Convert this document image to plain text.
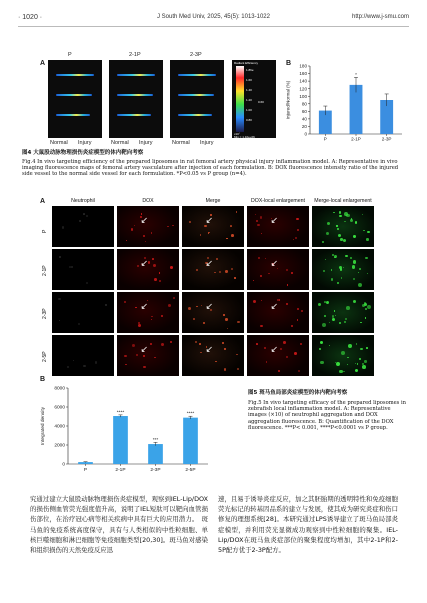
· 1020 ·	J South Med Univ, 2025, 45(5): 1013-1022	http://www.j-smu.com
A
P
Normal Injury
2-1P
Normal Injury
2-3P
Normal Injury
Radiant Efficiency
1.86e
1.60
1.40
1.20
1.00
0.80
0.60
x10⁷
Min = 1.10e+06
B
0
20
40
60
80
100
120
140
160
180
Injured/Normal (%)
P	2-1P
*
2-3P
图4 大鼠股动脉物理损伤炎症模型的体内靶向考察
Fig.4 In vivo targeting efficiency of the prepared liposomes in rat femoral artery physical injury inflammation model. A: Representative in vivo imaging fluorescence maps of femoral artery vasculature after injection of each formulation. B: DOX fluorescence intensity ratio of the injured side vessel to the normal side vessel for each formulation. *P<0.05 vs P group (n=4).
A	Neutrophil	DOX	Merge	DOX-local enlargement	Merge-local enlargement
P
↙	↙	↙
2-1P
↙	↙	↙
2-3P
↙	↙	↙
2-5P
↙	↙	↙
B
0
2000
4000
6000
8000
Integrated density
P	2-1P
****
2-3P
***
2-5P
****
图5 斑马鱼局部炎症模型的体内靶向考察
Fig.5 In vivo targeting efficacy of the prepared liposomes in zebrafish local inflammation model. A: Representative images (×10) of neutrophil aggregation and DOX aggregation fluorescence. B: Quantification of the DOX fluorescence. ***P< 0.001, ****P<0.0001 vs P group.
究通过建立大鼠股动脉物理损伤炎症模型，观察到IEL-Lip/DOX的损伤侧血管荧光强度值升高，说明了IEL短肽可以靶向血管损伤部位，在治疗冠心病等相关疾病中具有巨大的应用潜力。　斑马鱼的免疫系统高度保守，具有与人类相似的中性粒细胞、单核巨噬细胞和淋巴细胞等免疫细胞类型[20,30]。斑马鱼对感染和组织损伤的天然免疫反应迅
速，且易于诱导炎症反应，加之其胚胎期的透明特性和免疫细胞荧光标记的转基因品系的建立与发展，使其成为研究炎症和伤口修复的理想系统[28]。本研究通过LPS诱导建立了斑马鱼局部炎症模型，并利用荧光显微成功观察到中性粒细胞的聚集。IEL-Lip/DOX在斑马鱼炎症部位的聚集程度均增加，其中2-1P和2-5P配方优于2-3P配方。
